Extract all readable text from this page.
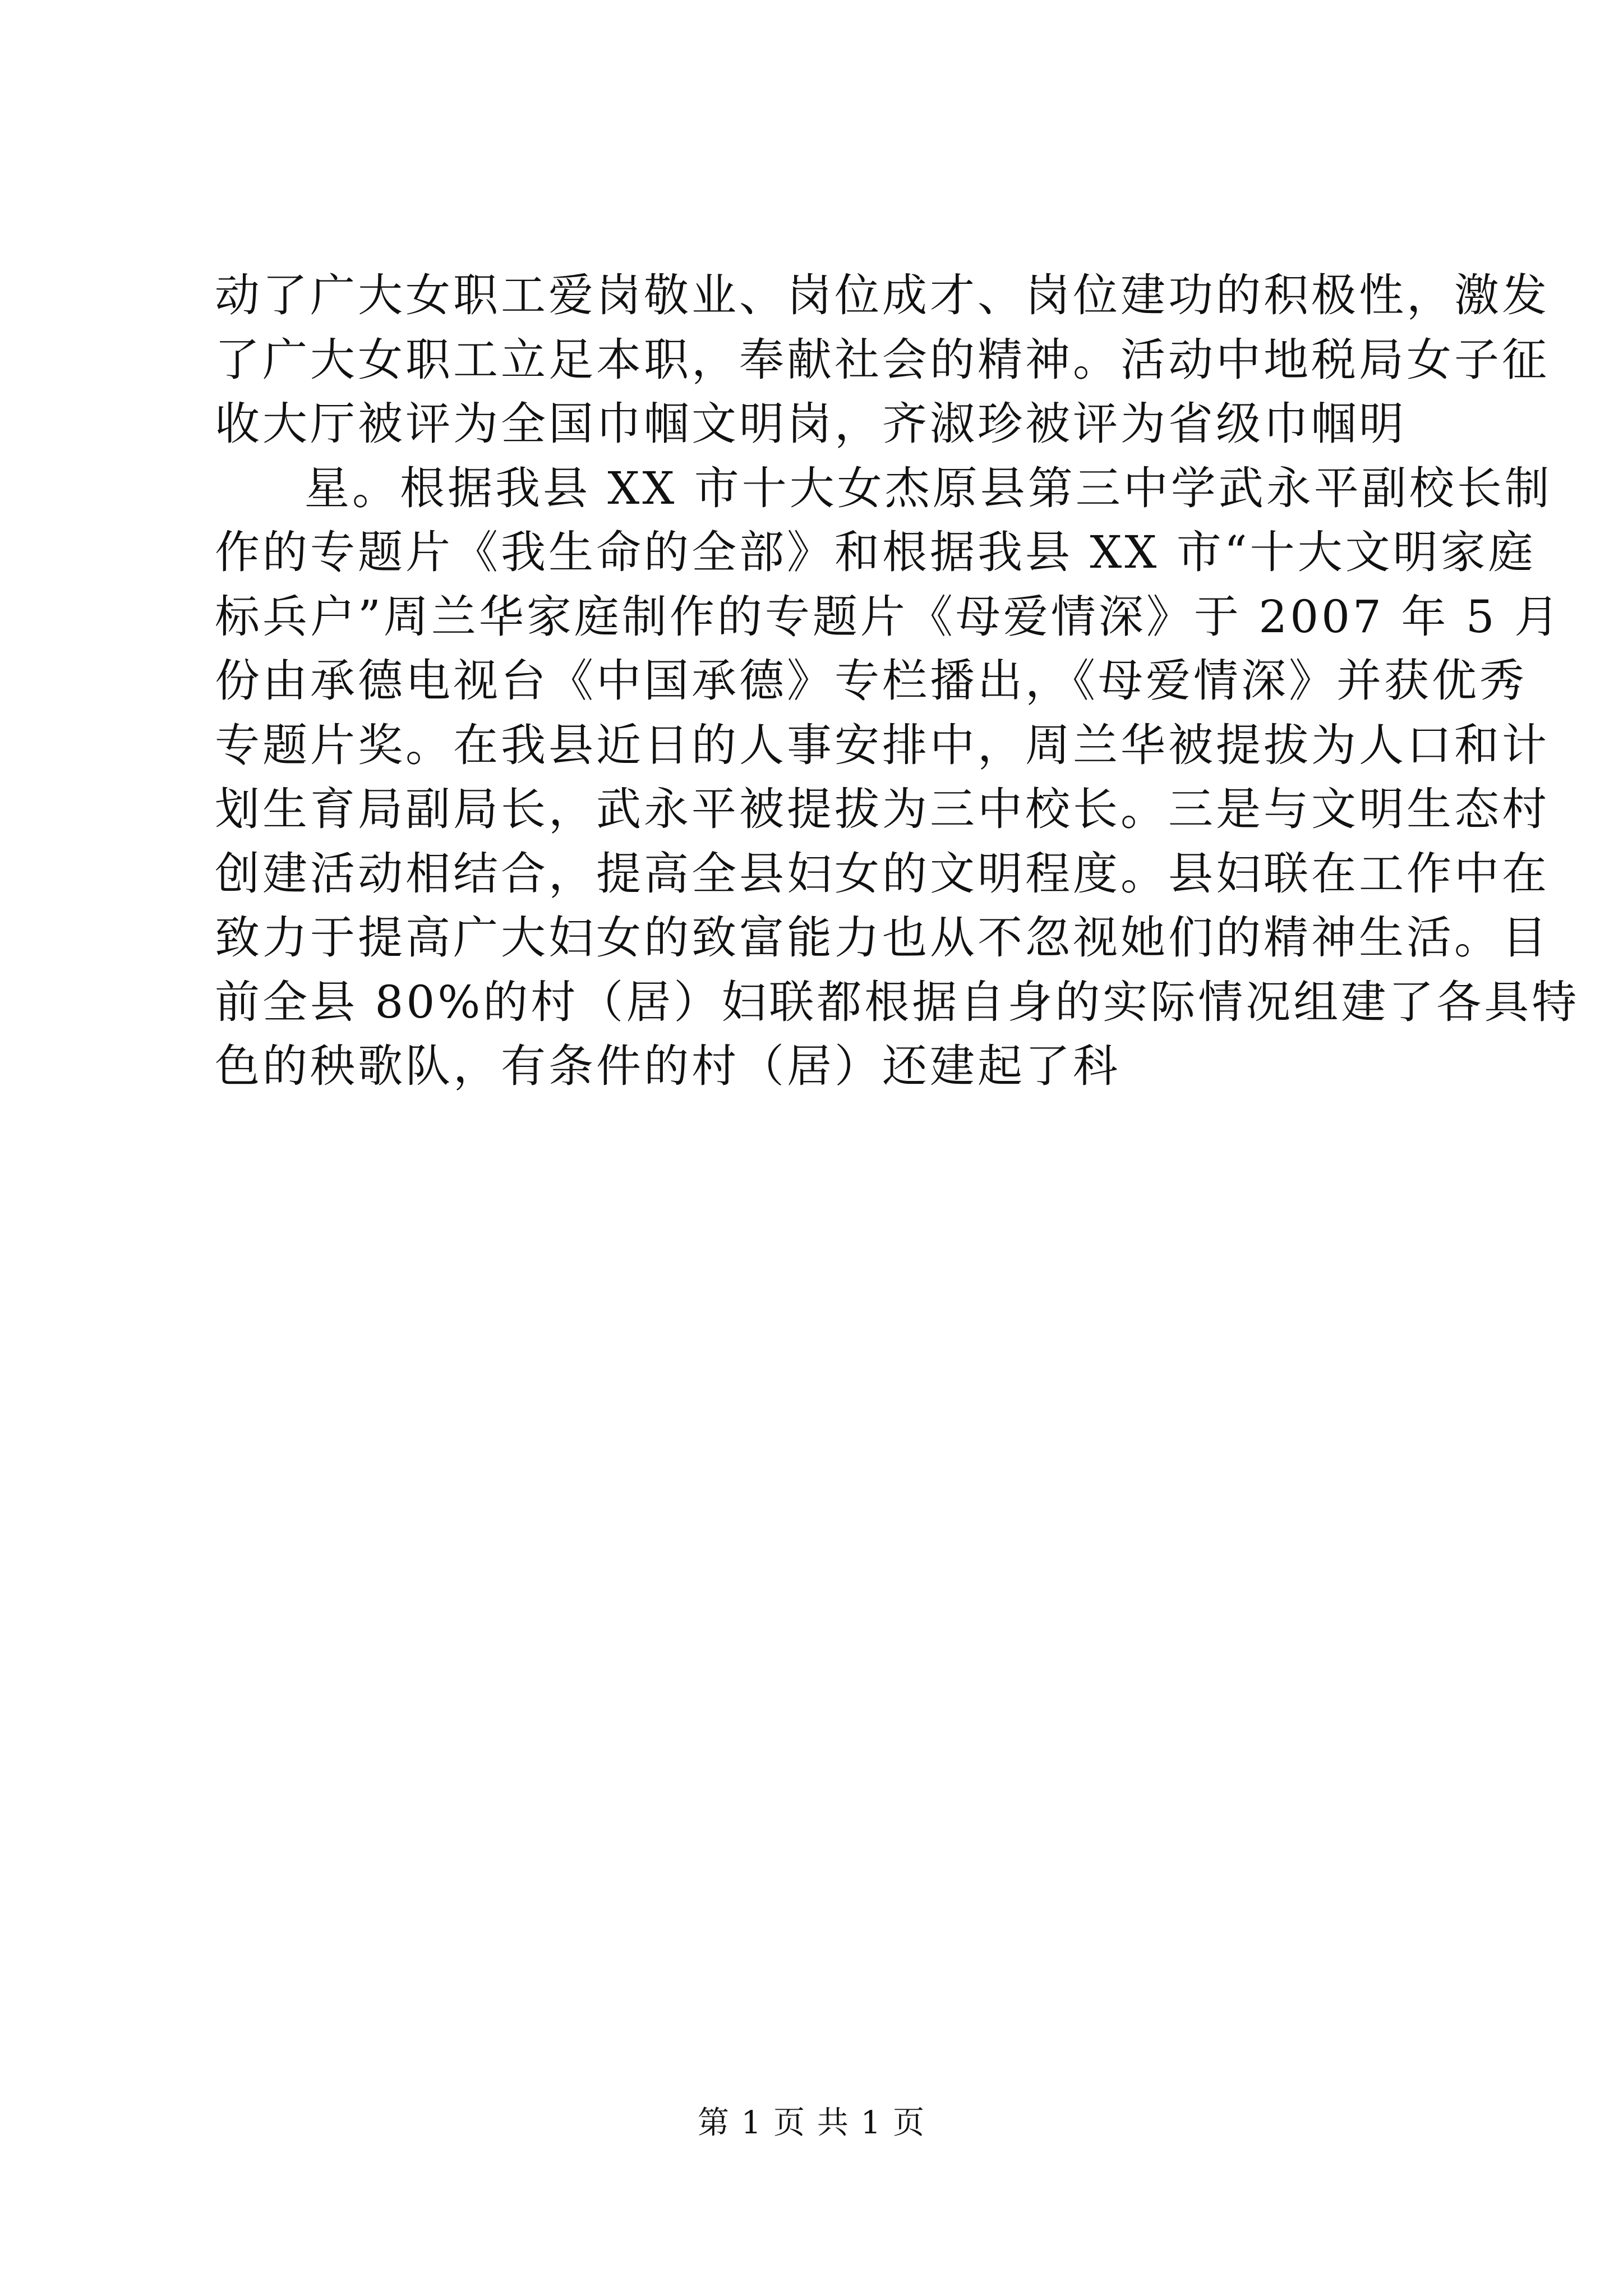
动了广大女职工爱岗敬业、岗位成才、岗位建功的积极性，激发
了广大女职工立足本职，奉献社会的精神。活动中地税局女子征
收大厅被评为全国巾帼文明岗，齐淑珍被评为省级巾帼明
星。根据我县 XX 市十大女杰原县第三中学武永平副校长制
作的专题片《我生命的全部》和根据我县 XX 市“十大文明家庭
标兵户”周兰华家庭制作的专题片《母爱情深》于 2007 年 5 月
份由承德电视台《中国承德》专栏播出，《母爱情深》并获优秀
专题片奖。在我县近日的人事安排中，周兰华被提拔为人口和计
划生育局副局长，武永平被提拔为三中校长。三是与文明生态村
创建活动相结合，提高全县妇女的文明程度。县妇联在工作中在
致力于提高广大妇女的致富能力也从不忽视她们的精神生活。目
前全县 80%的村（居）妇联都根据自身的实际情况组建了各具特
色的秧歌队，有条件的村（居）还建起了科
第 1 页 共 1 页
